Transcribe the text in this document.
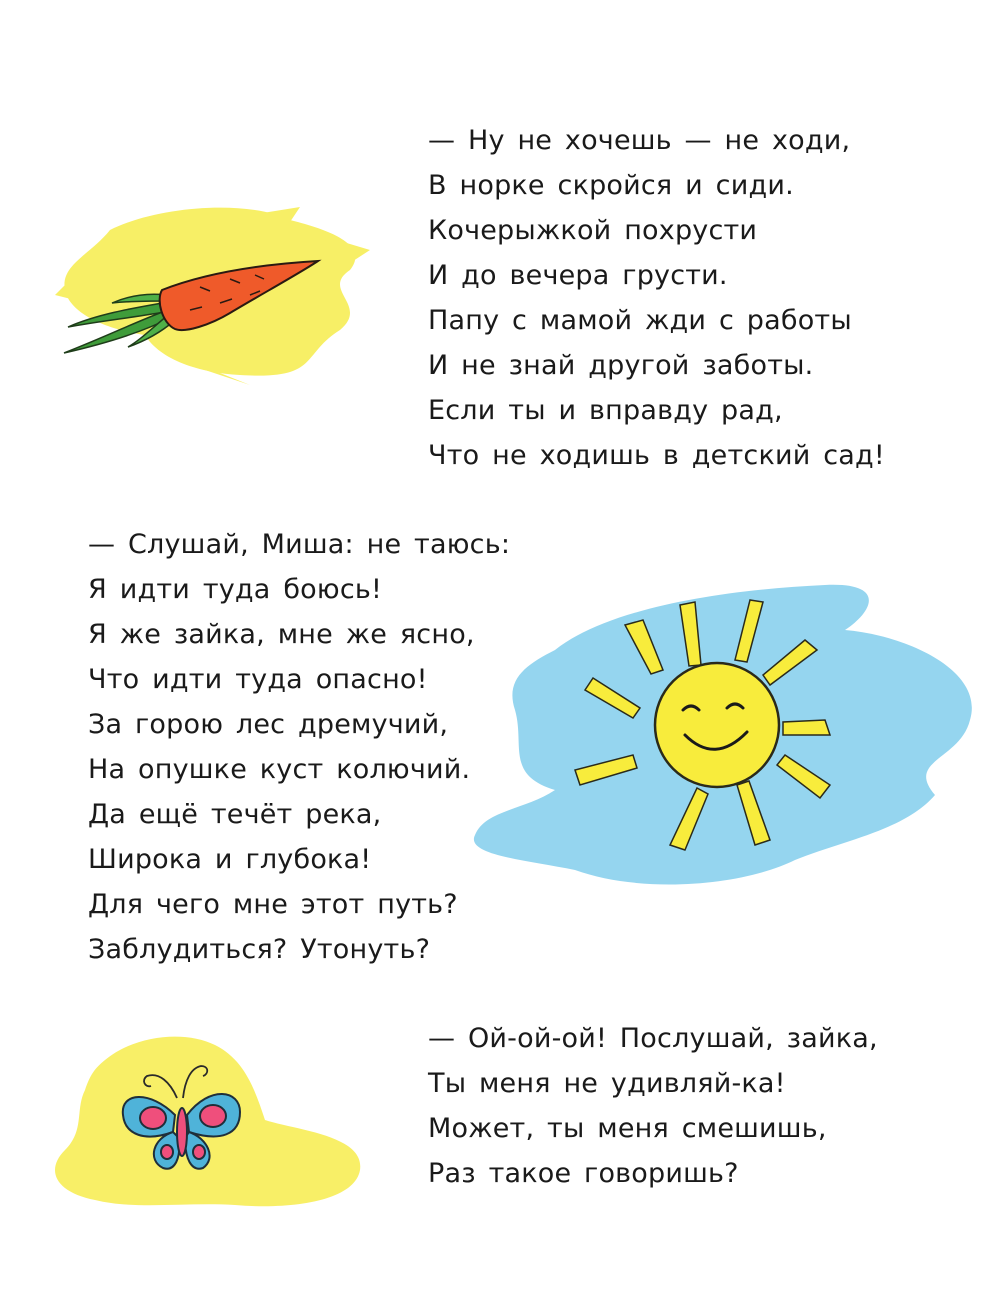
— Ну не хочешь — не ходи,
В норке скройся и сиди.
Кочерыжкой похрусти
И до вечера грусти.
Папу с мамой жди с работы
И не знай другой заботы.
Если ты и вправду рад,
Что не ходишь в детский сад!
— Слушай, Миша: не таюсь:
Я идти туда боюсь!
Я же зайка, мне же ясно,
Что идти туда опасно!
За горою лес дремучий,
На опушке куст колючий.
Да ещё течёт река,
Широка и глубока!
Для чего мне этот путь?
Заблудиться? Утонуть?
— Ой-ой-ой! Послушай, зайка,
Ты меня не удивляй-ка!
Может, ты меня смешишь,
Раз такое говоришь?
